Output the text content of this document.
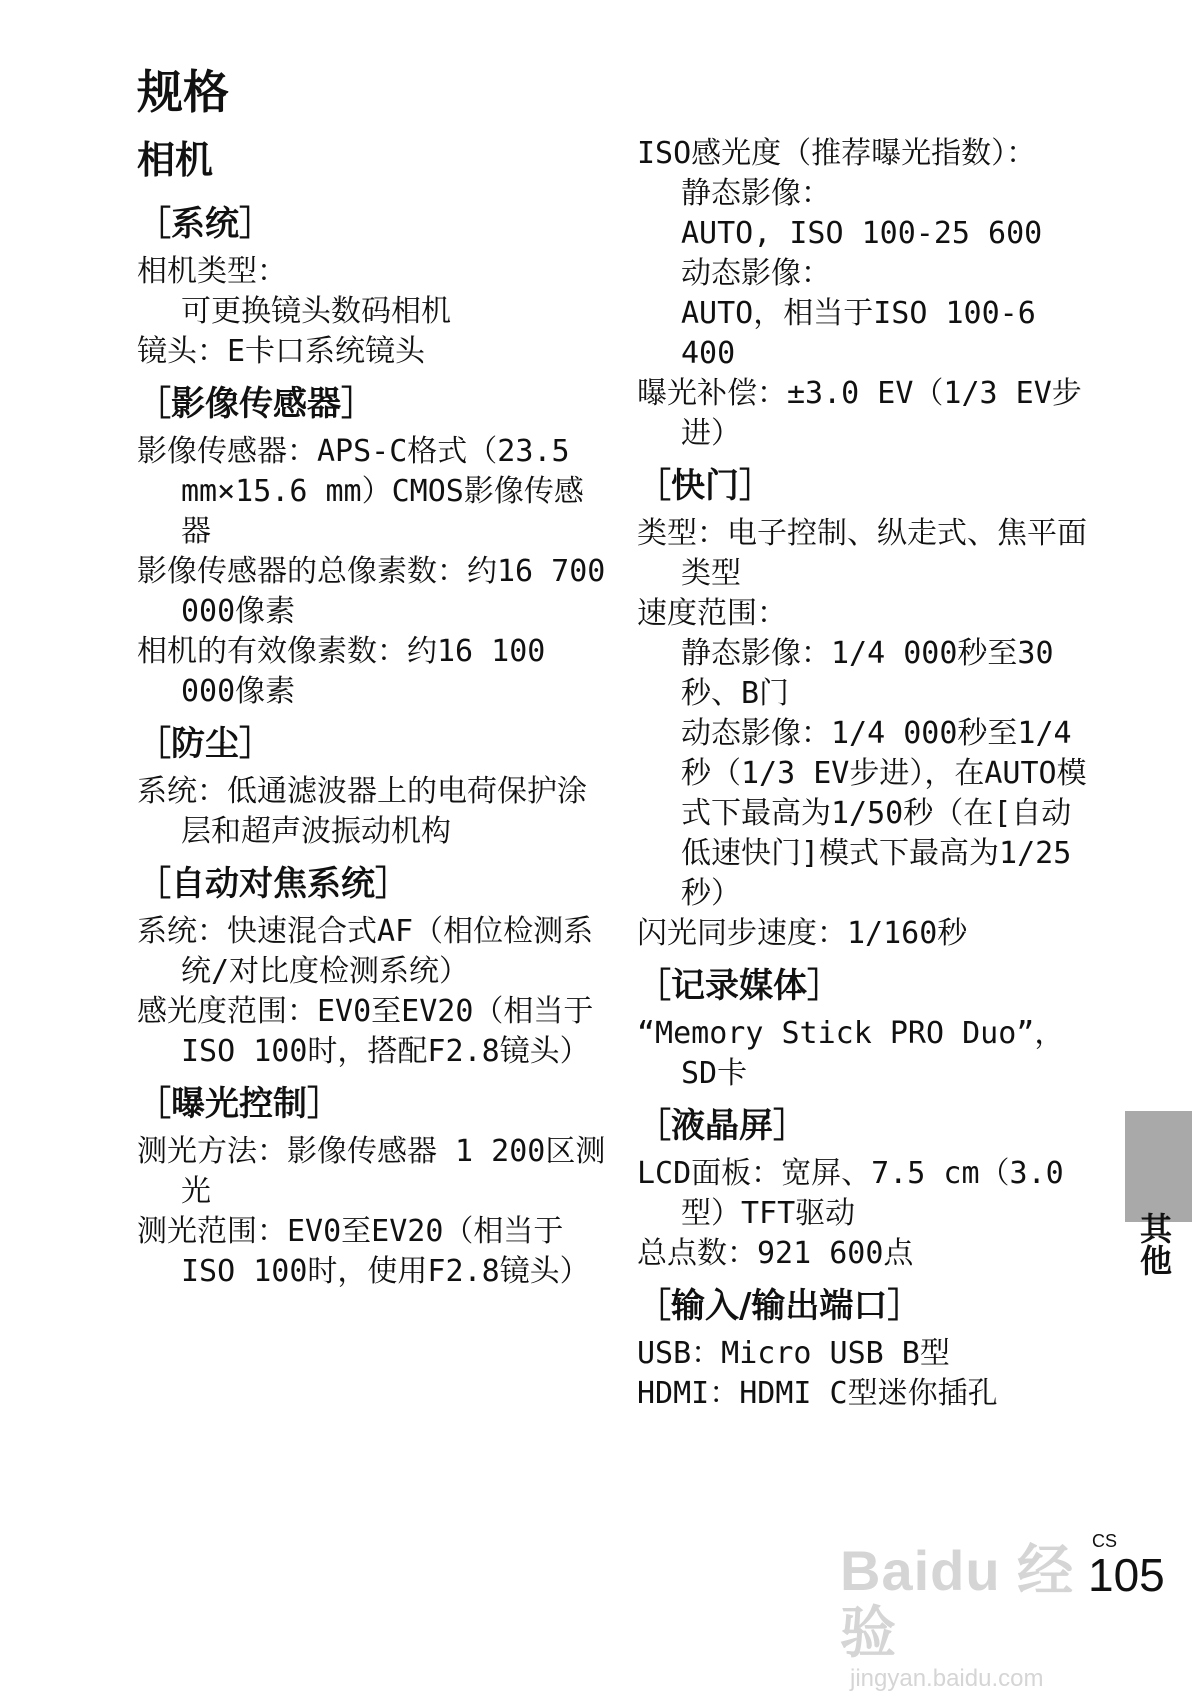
规格
相机
［系统］
相机类型：
可更换镜头数码相机
镜头：E卡口系统镜头
［影像传感器］
影像传感器：APS-C格式（23.5 mm×15.6 mm）CMOS影像传感器
影像传感器的总像素数：约16 700 000像素
相机的有效像素数：约16 100 000像素
［防尘］
系统：低通滤波器上的电荷保护涂层和超声波振动机构
［自动对焦系统］
系统：快速混合式AF（相位检测系统/对比度检测系统）
感光度范围：EV0至EV20（相当于ISO 100时，搭配F2.8镜头）
［曝光控制］
测光方法：影像传感器 1 200区测光
测光范围：EV0至EV20（相当于ISO 100时，使用F2.8镜头）
ISO感光度（推荐曝光指数）：
静态影像：
AUTO, ISO 100-25 600
动态影像：
AUTO，相当于ISO 100-6 400
曝光补偿：±3.0 EV（1/3 EV步进）
［快门］
类型：电子控制、纵走式、焦平面类型
速度范围：
静态影像：1/4 000秒至30秒、B门
动态影像：1/4 000秒至1/4秒（1/3 EV步进），在AUTO模式下最高为1/50秒（在[自动低速快门]模式下最高为1/25秒）
闪光同步速度：1/160秒
［记录媒体］
“Memory Stick PRO Duo”，SD卡
［液晶屏］
LCD面板：宽屏、7.5 cm（3.0型）TFT驱动
总点数：921 600点
［输入/输出端口］
USB：Micro USB B型
HDMI：HDMI C型迷你插孔
其他
Baidu 经验
jingyan.baidu.com
CS
105
